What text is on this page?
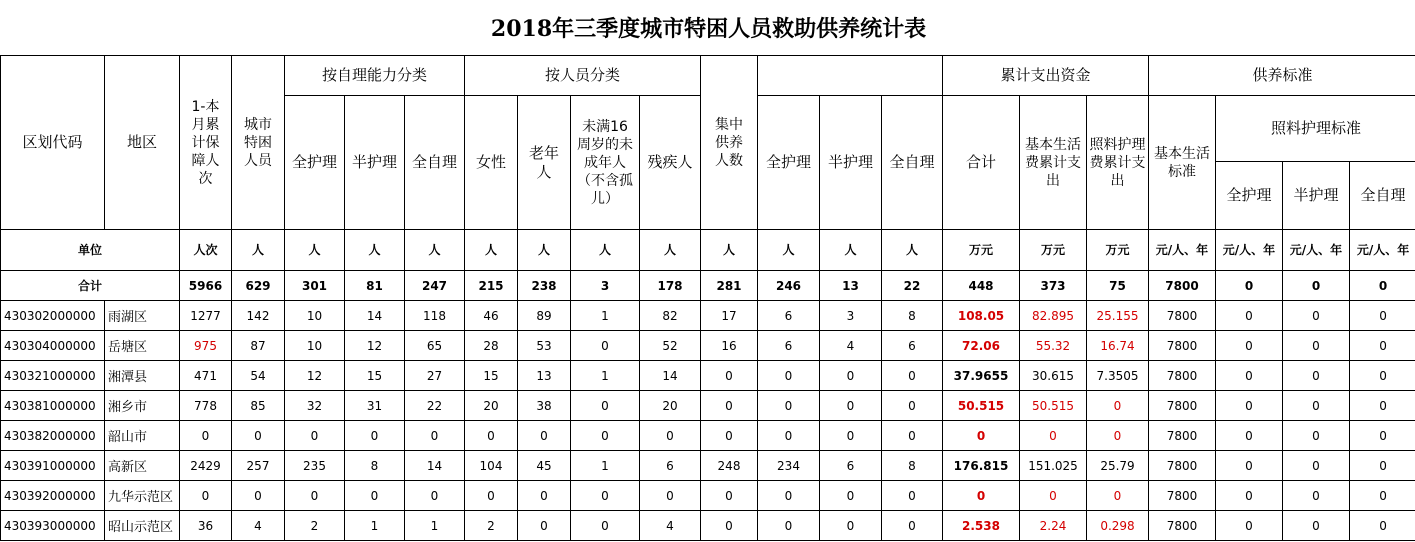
2018年三季度城市特困人员救助供养统计表																					
区划代码	地区	1-本月累计保障人次	城市特困人员	按自理能力分类			按人员分类				集中供养人数				累计支出资金			供养标准			
				全护理	半护理	全自理	女性	老年人	未满16周岁的未成年人（不含孤儿）	残疾人		全护理	半护理	全自理	合计	基本生活费累计支出	照料护理费累计支出	基本生活标准	照料护理标准		
																			全护理	半护理	全自理
单位		人次	人	人	人	人	人	人	人	人	人	人	人	人	万元	万元	万元	元/人、年	元/人、年	元/人、年	元/人、年
合计		5966	629	301	81	247	215	238	3	178	281	246	13	22	448	373	75	7800	0	0	0
430302000000	雨湖区	1277	142	10	14	118	46	89	1	82	17	6	3	8	108.05	82.895	25.155	7800	0	0	0
430304000000	岳塘区	975	87	10	12	65	28	53	0	52	16	6	4	6	72.06	55.32	16.74	7800	0	0	0
430321000000	湘潭县	471	54	12	15	27	15	13	1	14	0	0	0	0	37.9655	30.615	7.3505	7800	0	0	0
430381000000	湘乡市	778	85	32	31	22	20	38	0	20	0	0	0	0	50.515	50.515	0	7800	0	0	0
430382000000	韶山市	0	0	0	0	0	0	0	0	0	0	0	0	0	0	0	0	7800	0	0	0
430391000000	高新区	2429	257	235	8	14	104	45	1	6	248	234	6	8	176.815	151.025	25.79	7800	0	0	0
430392000000	九华示范区	0	0	0	0	0	0	0	0	0	0	0	0	0	0	0	0	7800	0	0	0
430393000000	昭山示范区	36	4	2	1	1	2	0	0	4	0	0	0	0	2.538	2.24	0.298	7800	0	0	0
